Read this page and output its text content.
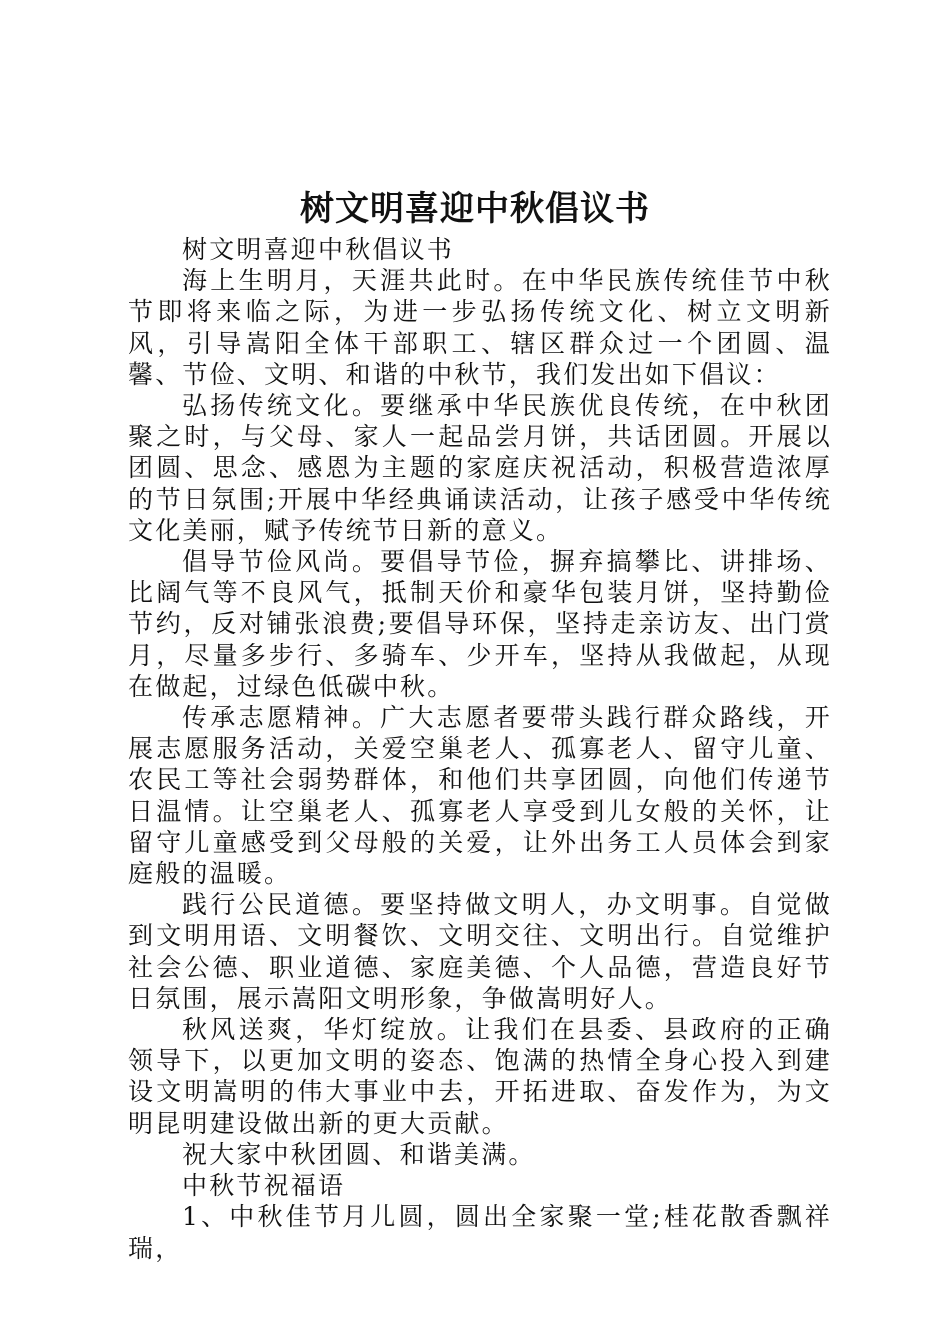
树文明喜迎中秋倡议书

树文明喜迎中秋倡议书

海上生明月，天涯共此时。在中华民族传统佳节中秋节即将来临之际，为进一步弘扬传统文化、树立文明新风，引导嵩阳全体干部职工、辖区群众过一个团圆、温馨、节俭、文明、和谐的中秋节，我们发出如下倡议：

弘扬传统文化。要继承中华民族优良传统，在中秋团聚之时，与父母、家人一起品尝月饼，共话团圆。开展以团圆、思念、感恩为主题的家庭庆祝活动，积极营造浓厚的节日氛围;开展中华经典诵读活动，让孩子感受中华传统文化美丽，赋予传统节日新的意义。

倡导节俭风尚。要倡导节俭，摒弃搞攀比、讲排场、比阔气等不良风气，抵制天价和豪华包装月饼，坚持勤俭节约，反对铺张浪费;要倡导环保，坚持走亲访友、出门赏月，尽量多步行、多骑车、少开车，坚持从我做起，从现在做起，过绿色低碳中秋。

传承志愿精神。广大志愿者要带头践行群众路线，开展志愿服务活动，关爱空巢老人、孤寡老人、留守儿童、农民工等社会弱势群体，和他们共享团圆，向他们传递节日温情。让空巢老人、孤寡老人享受到儿女般的关怀，让留守儿童感受到父母般的关爱，让外出务工人员体会到家庭般的温暖。

践行公民道德。要坚持做文明人，办文明事。自觉做到文明用语、文明餐饮、文明交往、文明出行。自觉维护社会公德、职业道德、家庭美德、个人品德，营造良好节日氛围，展示嵩阳文明形象，争做嵩明好人。

秋风送爽，华灯绽放。让我们在县委、县政府的正确领导下，以更加文明的姿态、饱满的热情全身心投入到建设文明嵩明的伟大事业中去，开拓进取、奋发作为，为文明昆明建设做出新的更大贡献。

祝大家中秋团圆、和谐美满。

中秋节祝福语

1、中秋佳节月儿圆，圆出全家聚一堂;桂花散香飘祥瑞，
